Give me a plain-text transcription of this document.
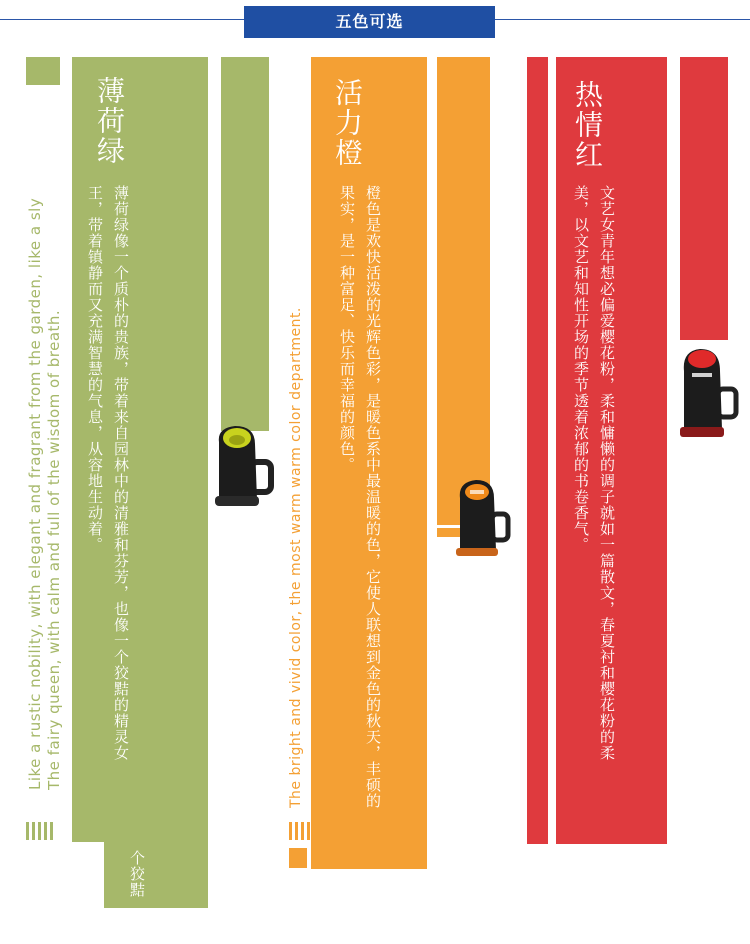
五色可选
薄荷绿
薄荷绿像一个质朴的贵族，带着来自园林中的清雅和芬芳，也像一个狡黠的精灵女王，带着镇静而又充满智慧的气息，从容地生动着。
个狡黠
Like a rustic nobility, with elegant and fragrant from the garden, like a sly The fairy queen, with calm and full of the wisdom of breath.
活力橙
橙色是欢快活泼的光辉色彩，是暖色系中最温暖的色，它使人联想到金色的秋天，丰硕的果实，是一种富足、快乐而幸福的颜色。
The bright and vivid color, the most warm warm color department.
热情红
文艺女青年想必偏爱樱花粉，柔和慵懒的调子就如一篇散文，春夏衬和樱花粉的柔美，以文艺和知性开场的季节透着浓郁的书卷香气。
